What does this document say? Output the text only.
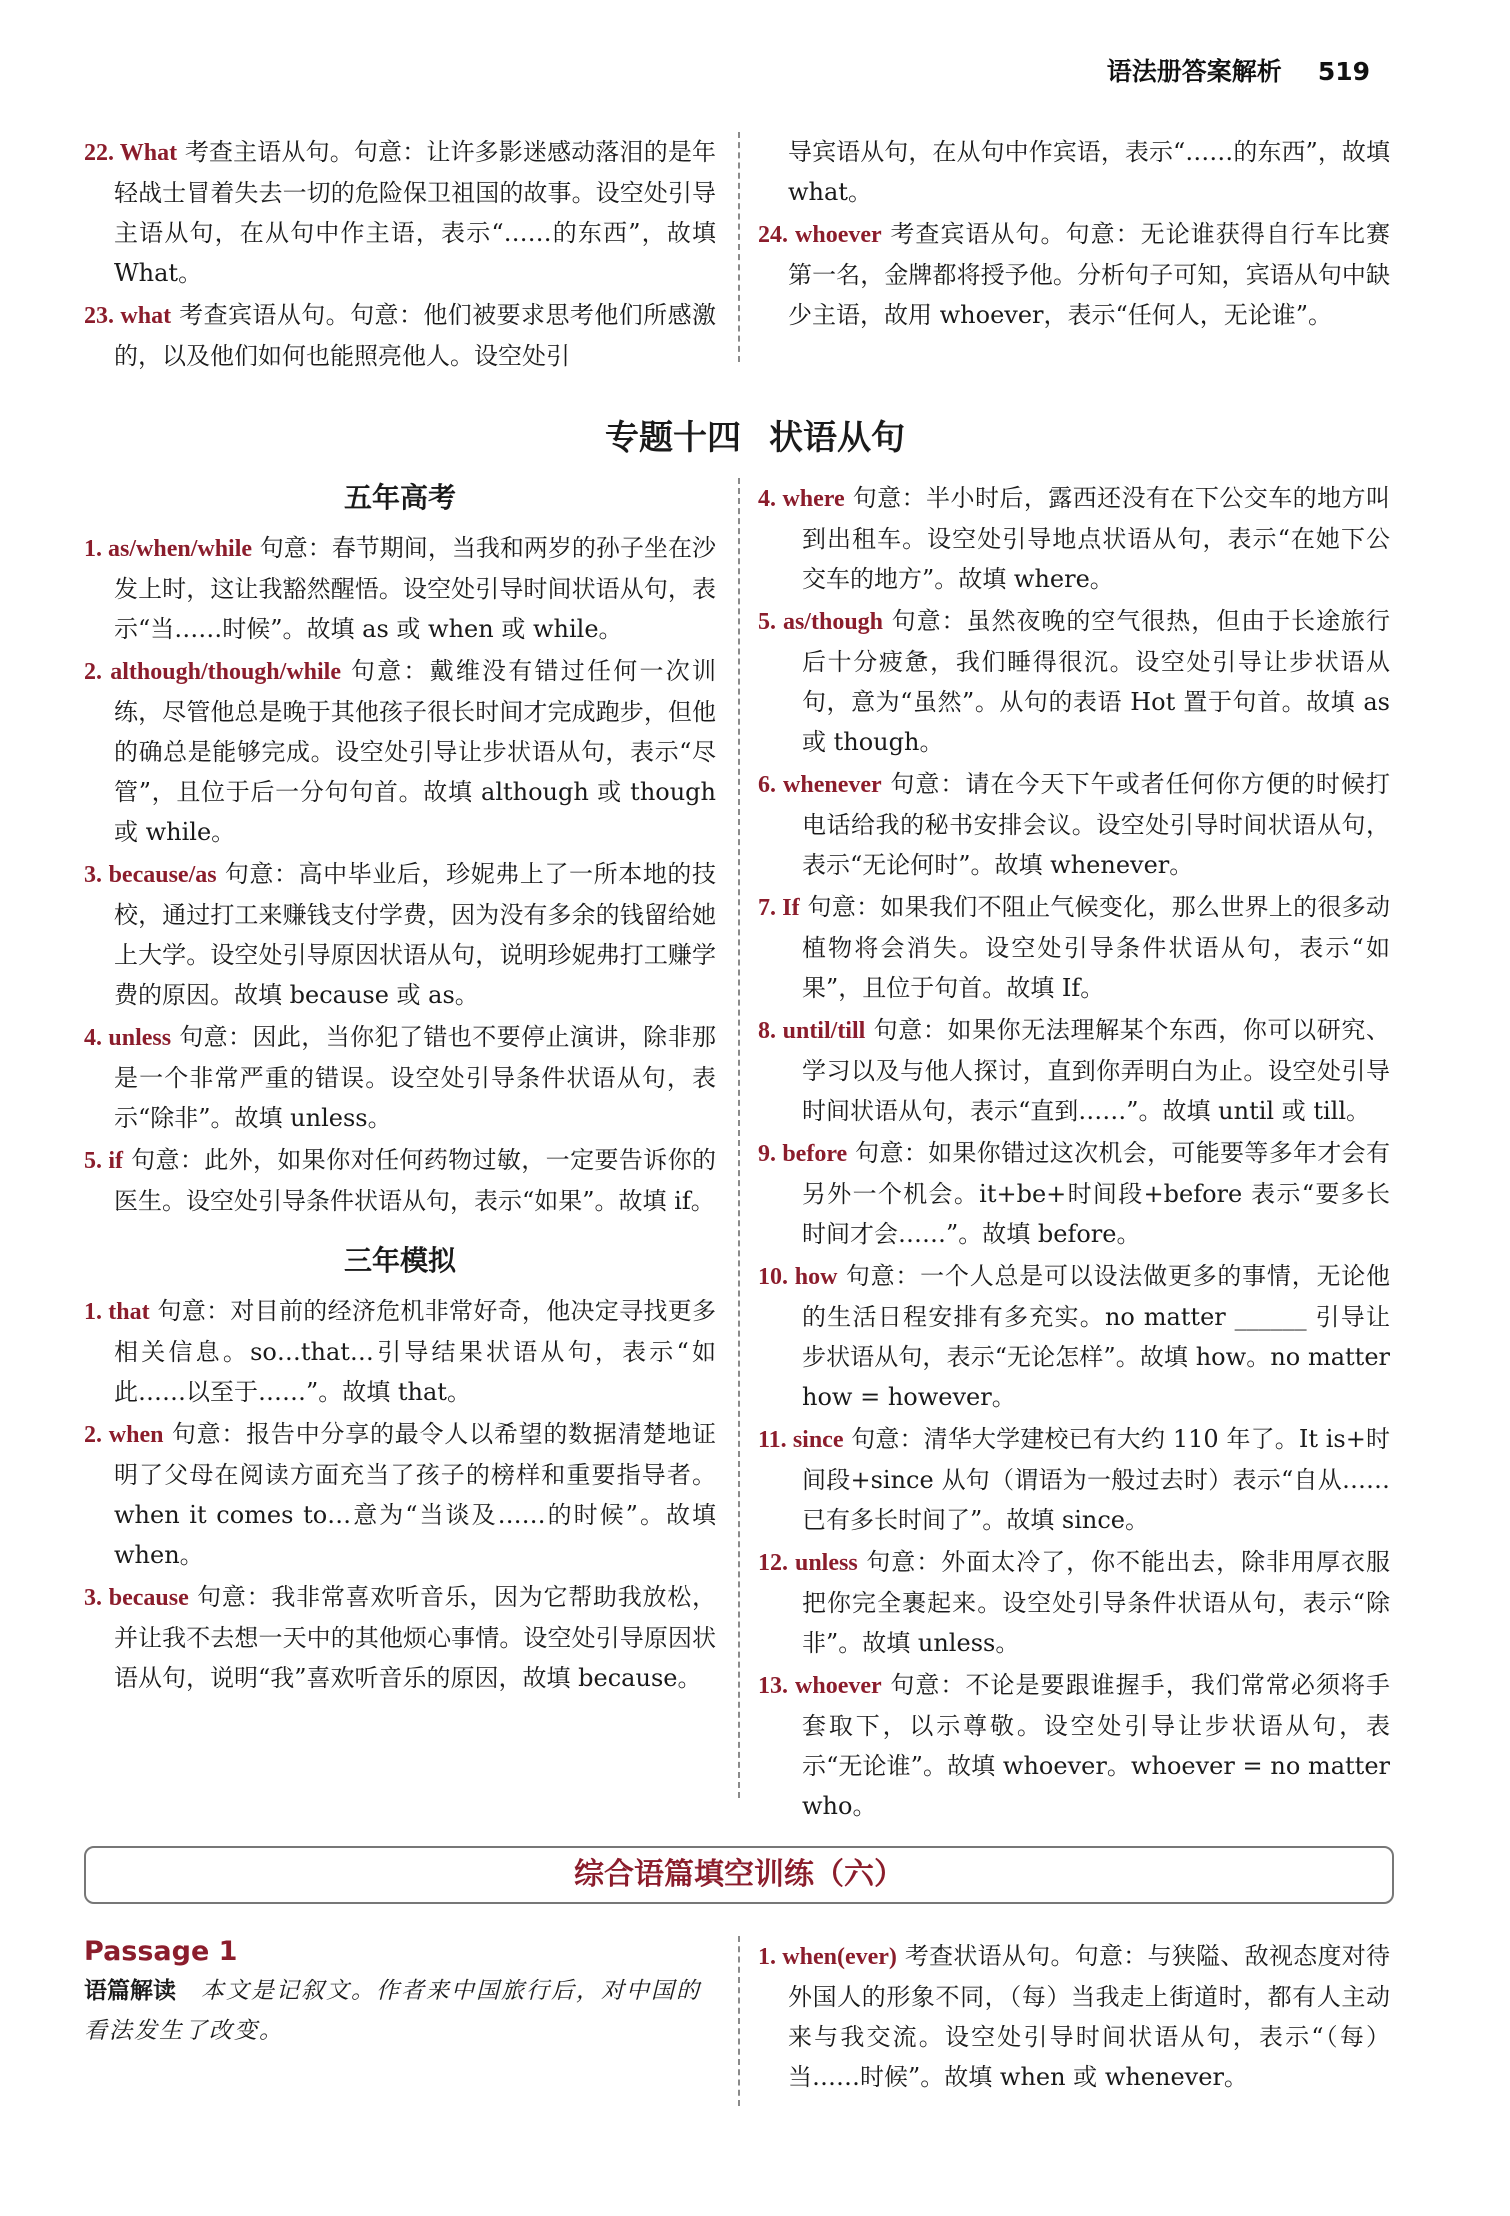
语法册答案解析 519

22. What 考查主语从句。句意：让许多影迷感动落泪的是年轻战士冒着失去一切的危险保卫祖国的故事。设空处引导主语从句，在从句中作主语，表示“……的东西”，故填 What。

23. what 考查宾语从句。句意：他们被要求思考他们所感激的，以及他们如何也能照亮他人。设空处引

导宾语从句，在从句中作宾语，表示“……的东西”，故填 what。

24. whoever 考查宾语从句。句意：无论谁获得自行车比赛第一名，金牌都将授予他。分析句子可知，宾语从句中缺少主语，故用 whoever，表示“任何人，无论谁”。

专题十四 状语从句
五年高考

1. as/when/while 句意：春节期间，当我和两岁的孙子坐在沙发上时，这让我豁然醒悟。设空处引导时间状语从句，表示“当……时候”。故填 as 或 when 或 while。

2. although/though/while 句意：戴维没有错过任何一次训练，尽管他总是晚于其他孩子很长时间才完成跑步，但他的确总是能够完成。设空处引导让步状语从句，表示“尽管”，且位于后一分句句首。故填 although 或 though 或 while。

3. because/as 句意：高中毕业后，珍妮弗上了一所本地的技校，通过打工来赚钱支付学费，因为没有多余的钱留给她上大学。设空处引导原因状语从句，说明珍妮弗打工赚学费的原因。故填 because 或 as。

4. unless 句意：因此，当你犯了错也不要停止演讲，除非那是一个非常严重的错误。设空处引导条件状语从句，表示“除非”。故填 unless。

5. if 句意：此外，如果你对任何药物过敏，一定要告诉你的医生。设空处引导条件状语从句，表示“如果”。故填 if。

三年模拟

1. that 句意：对目前的经济危机非常好奇，他决定寻找更多相关信息。so…that…引导结果状语从句，表示“如此……以至于……”。故填 that。

2. when 句意：报告中分享的最令人以希望的数据清楚地证明了父母在阅读方面充当了孩子的榜样和重要指导者。when it comes to…意为“当谈及……的时候”。故填 when。

3. because 句意：我非常喜欢听音乐，因为它帮助我放松，并让我不去想一天中的其他烦心事情。设空处引导原因状语从句，说明“我”喜欢听音乐的原因，故填 because。

4. where 句意：半小时后，露西还没有在下公交车的地方叫到出租车。设空处引导地点状语从句，表示“在她下公交车的地方”。故填 where。

5. as/though 句意：虽然夜晚的空气很热，但由于长途旅行后十分疲惫，我们睡得很沉。设空处引导让步状语从句，意为“虽然”。从句的表语 Hot 置于句首。故填 as 或 though。

6. whenever 句意：请在今天下午或者任何你方便的时候打电话给我的秘书安排会议。设空处引导时间状语从句，表示“无论何时”。故填 whenever。

7. If 句意：如果我们不阻止气候变化，那么世界上的很多动植物将会消失。设空处引导条件状语从句，表示“如果”，且位于句首。故填 If。

8. until/till 句意：如果你无法理解某个东西，你可以研究、学习以及与他人探讨，直到你弄明白为止。设空处引导时间状语从句，表示“直到……”。故填 until 或 till。

9. before 句意：如果你错过这次机会，可能要等多年才会有另外一个机会。it+be+时间段+before 表示“要多长时间才会……”。故填 before。

10. how 句意：一个人总是可以设法做更多的事情，无论他的生活日程安排有多充实。no matter ______ 引导让步状语从句，表示“无论怎样”。故填 how。no matter how = however。

11. since 句意：清华大学建校已有大约 110 年了。It is+时间段+since 从句（谓语为一般过去时）表示“自从……已有多长时间了”。故填 since。

12. unless 句意：外面太冷了，你不能出去，除非用厚衣服把你完全裹起来。设空处引导条件状语从句，表示“除非”。故填 unless。

13. whoever 句意：不论是要跟谁握手，我们常常必须将手套取下，以示尊敬。设空处引导让步状语从句，表示“无论谁”。故填 whoever。whoever = no matter who。

综合语篇填空训练（六）
Passage 1
语篇解读　 本文是记叙文。作者来中国旅行后，对中国的看法发生了改变。

1. when(ever) 考查状语从句。句意：与狭隘、敌视态度对待外国人的形象不同，（每）当我走上街道时，都有人主动来与我交流。设空处引导时间状语从句，表示“（每）当……时候”。故填 when 或 whenever。
